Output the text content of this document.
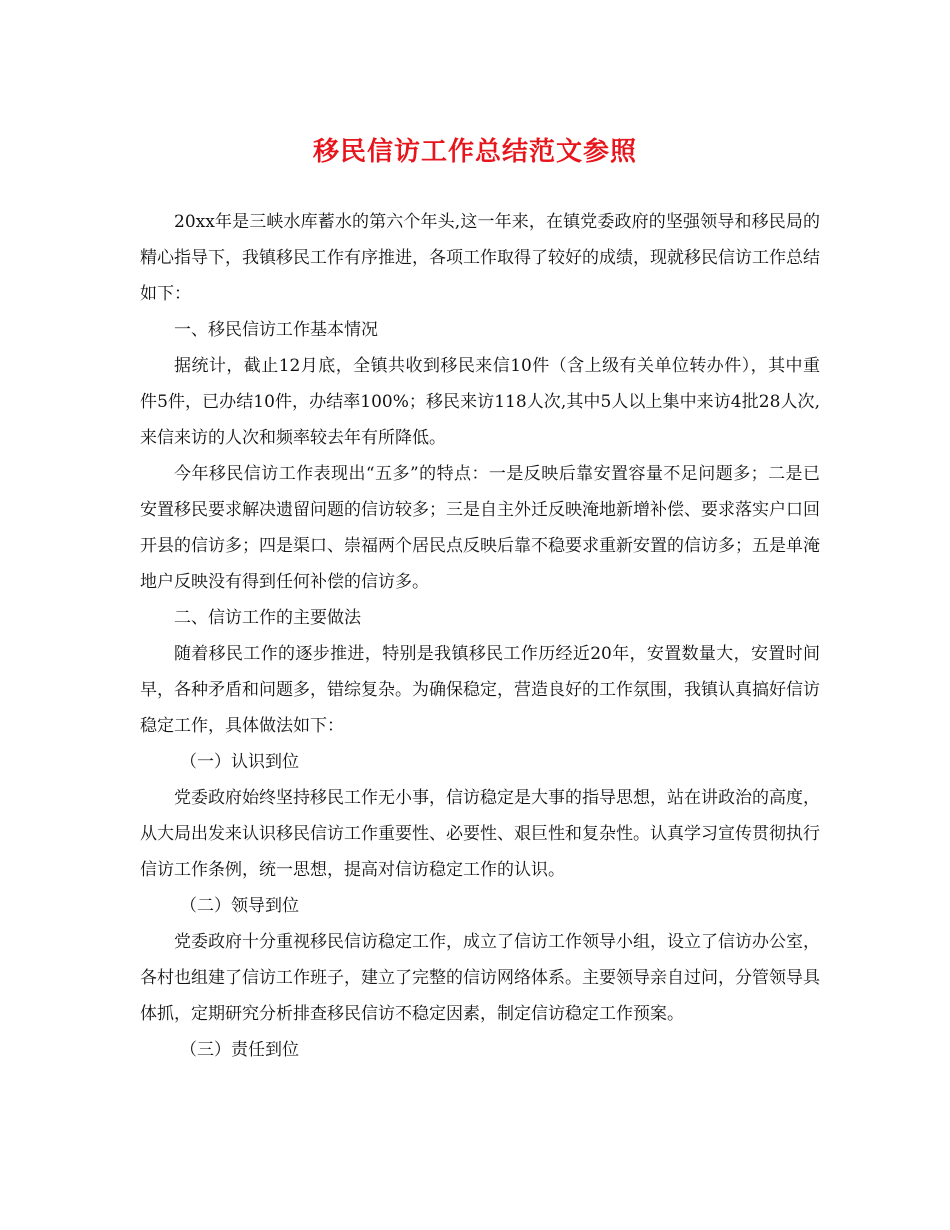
移民信访工作总结范文参照

20xx年是三峡水库蓄水的第六个年头,这一年来，在镇党委政府的坚强领导和移民局的精心指导下，我镇移民工作有序推进，各项工作取得了较好的成绩，现就移民信访工作总结如下：

一、移民信访工作基本情况

据统计，截止12月底，全镇共收到移民来信10件（含上级有关单位转办件），其中重件5件，已办结10件，办结率100%；移民来访118人次,其中5人以上集中来访4批28人次,来信来访的人次和频率较去年有所降低。

今年移民信访工作表现出“五多”的特点：一是反映后靠安置容量不足问题多；二是已安置移民要求解决遗留问题的信访较多；三是自主外迁反映淹地新增补偿、要求落实户口回开县的信访多；四是渠口、崇福两个居民点反映后靠不稳要求重新安置的信访多；五是单淹地户反映没有得到任何补偿的信访多。

二、信访工作的主要做法

随着移民工作的逐步推进，特别是我镇移民工作历经近20年，安置数量大，安置时间早，各种矛盾和问题多，错综复杂。为确保稳定，营造良好的工作氛围，我镇认真搞好信访稳定工作，具体做法如下：

（一）认识到位

党委政府始终坚持移民工作无小事，信访稳定是大事的指导思想，站在讲政治的高度，从大局出发来认识移民信访工作重要性、必要性、艰巨性和复杂性。认真学习宣传贯彻执行信访工作条例，统一思想，提高对信访稳定工作的认识。

（二）领导到位

党委政府十分重视移民信访稳定工作，成立了信访工作领导小组，设立了信访办公室，各村也组建了信访工作班子，建立了完整的信访网络体系。主要领导亲自过问，分管领导具体抓，定期研究分析排查移民信访不稳定因素，制定信访稳定工作预案。

（三）责任到位
